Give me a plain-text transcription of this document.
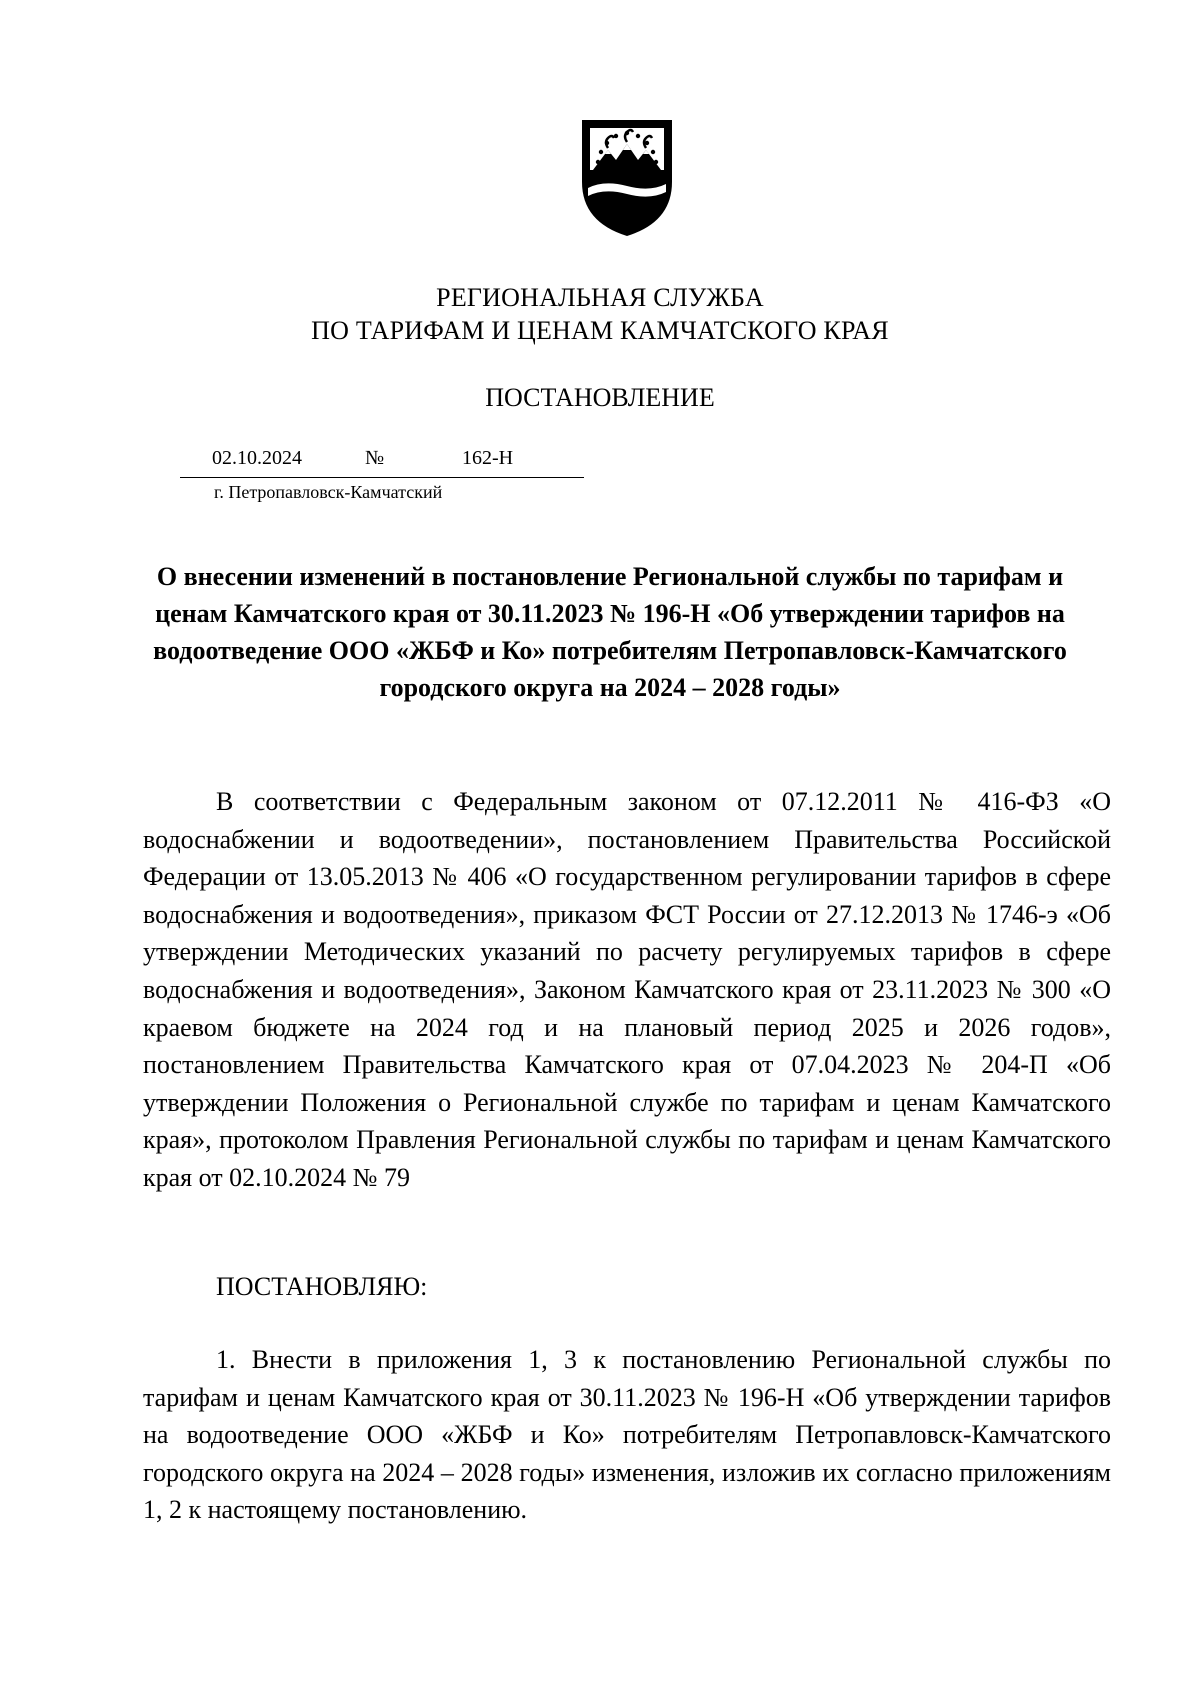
РЕГИОНАЛЬНАЯ СЛУЖБА
ПО ТАРИФАМ И ЦЕНАМ КАМЧАТСКОГО КРАЯ
ПОСТАНОВЛЕНИЕ
02.10.2024	№	162-Н
г. Петропавловск-Камчатский
О внесении изменений в постановление Региональной службы по тарифам и ценам Камчатского края от 30.11.2023 № 196-Н «Об утверждении тарифов на водоотведение ООО «ЖБФ и Ко» потребителям Петропавловск-Камчатского городского округа на 2024 – 2028 годы»
В соответствии с Федеральным законом от 07.12.2011 № 416-ФЗ «О водоснабжении и водоотведении», постановлением Правительства Российской Федерации от 13.05.2013 № 406 «О государственном регулировании тарифов в сфере водоснабжения и водоотведения», приказом ФСТ России от 27.12.2013 № 1746-э «Об утверждении Методических указаний по расчету регулируемых тарифов в сфере водоснабжения и водоотведения», Законом Камчатского края от 23.11.2023 № 300 «О краевом бюджете на 2024 год и на плановый период 2025 и 2026 годов», постановлением Правительства Камчатского края от 07.04.2023 № 204-П «Об утверждении Положения о Региональной службе по тарифам и ценам Камчатского края», протоколом Правления Региональной службы по тарифам и ценам Камчатского края от 02.10.2024 № 79
ПОСТАНОВЛЯЮ:
1. Внести в приложения 1, 3 к постановлению Региональной службы по тарифам и ценам Камчатского края от 30.11.2023 № 196-Н «Об утверждении тарифов на водоотведение ООО «ЖБФ и Ко» потребителям Петропавловск-Камчатского городского округа на 2024 – 2028 годы» изменения, изложив их согласно приложениям 1, 2 к настоящему постановлению.
